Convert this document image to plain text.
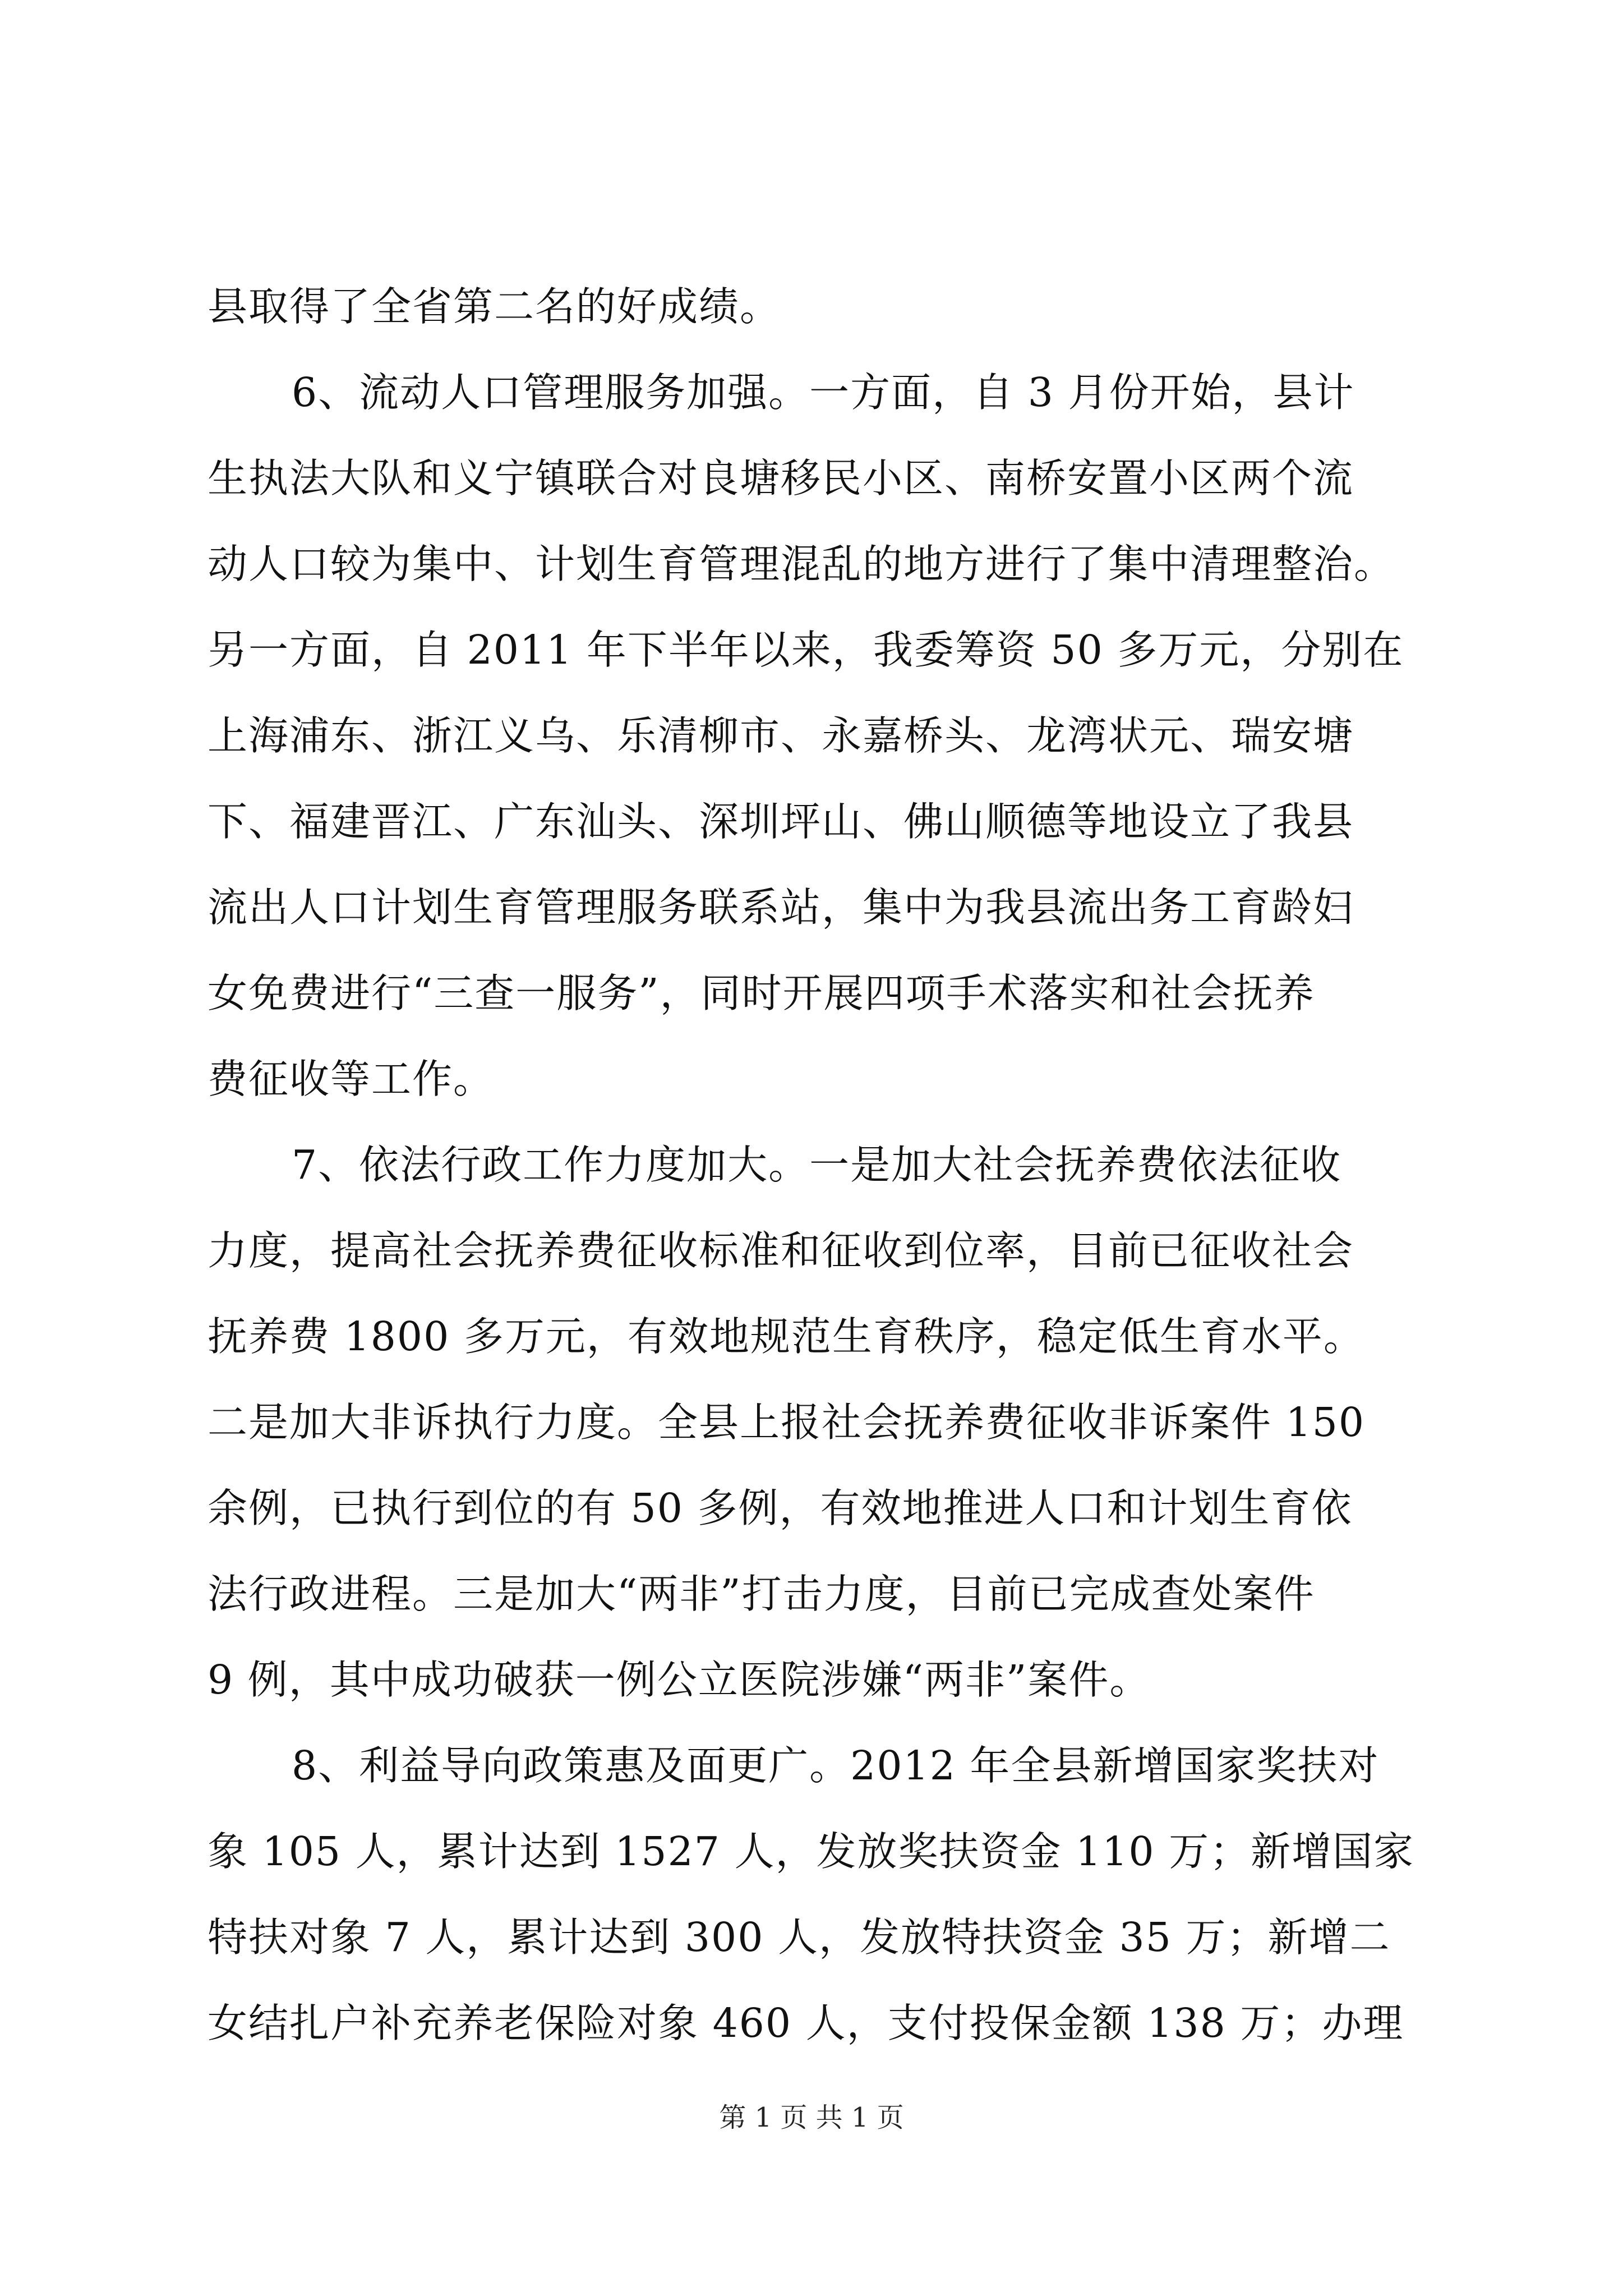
县取得了全省第二名的好成绩。
6、流动人口管理服务加强。一方面，自 3 月份开始，县计
生执法大队和义宁镇联合对良塘移民小区、南桥安置小区两个流
动人口较为集中、计划生育管理混乱的地方进行了集中清理整治。
另一方面，自 2011 年下半年以来，我委筹资 50 多万元，分别在
上海浦东、浙江义乌、乐清柳市、永嘉桥头、龙湾状元、瑞安塘
下、福建晋江、广东汕头、深圳坪山、佛山顺德等地设立了我县
流出人口计划生育管理服务联系站，集中为我县流出务工育龄妇
女免费进行“三查一服务”，同时开展四项手术落实和社会抚养
费征收等工作。
7、依法行政工作力度加大。一是加大社会抚养费依法征收
力度，提高社会抚养费征收标准和征收到位率，目前已征收社会
抚养费 1800 多万元，有效地规范生育秩序，稳定低生育水平。
二是加大非诉执行力度。全县上报社会抚养费征收非诉案件 150
余例，已执行到位的有 50 多例，有效地推进人口和计划生育依
法行政进程。三是加大“两非”打击力度，目前已完成查处案件
9 例，其中成功破获一例公立医院涉嫌“两非”案件。
8、利益导向政策惠及面更广。2012 年全县新增国家奖扶对
象 105 人，累计达到 1527 人，发放奖扶资金 110 万；新增国家
特扶对象 7 人，累计达到 300 人，发放特扶资金 35 万；新增二
女结扎户补充养老保险对象 460 人，支付投保金额 138 万；办理
第 1 页 共 1 页
